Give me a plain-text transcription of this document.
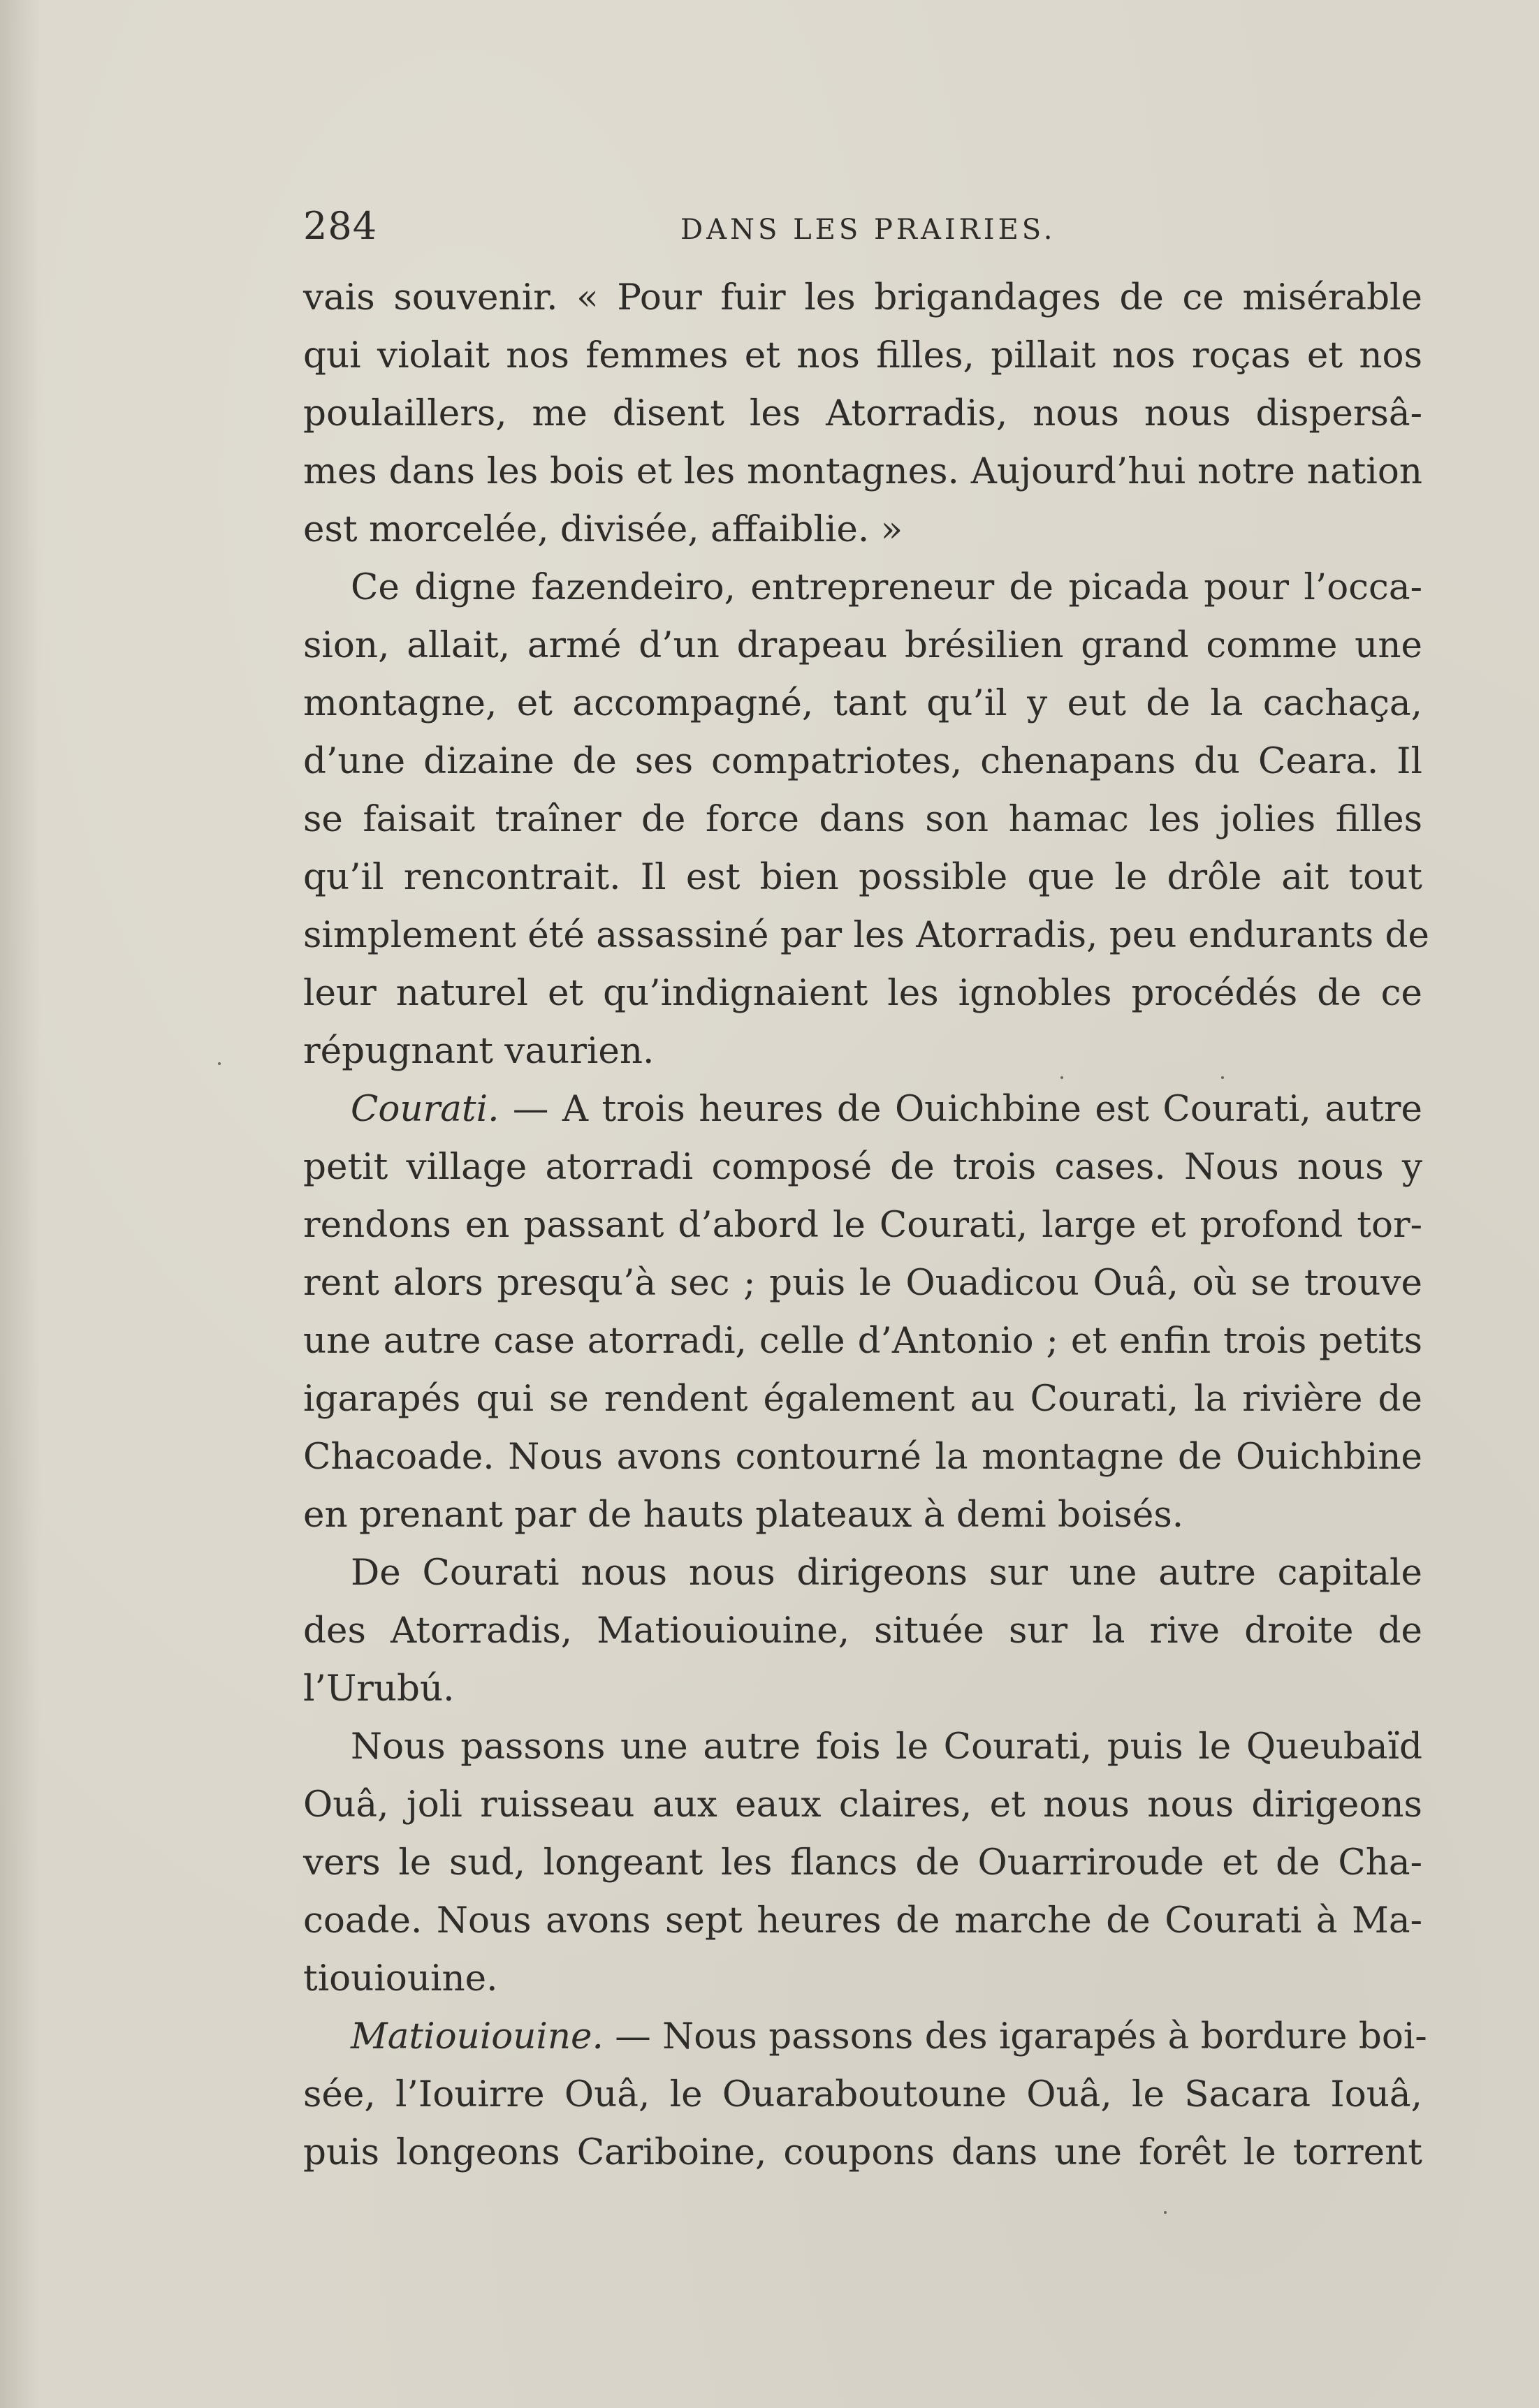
284	DANS LES PRAIRIES.
vais souvenir. « Pour fuir les brigandages de ce misérable
qui violait nos femmes et nos filles, pillait nos roças et nos
poulaillers, me disent les Atorradis, nous nous dispersâ-
mes dans les bois et les montagnes. Aujourd’hui notre nation
est morcelée, divisée, affaiblie. »
Ce digne fazendeiro, entrepreneur de picada pour l’occa-
sion, allait, armé d’un drapeau brésilien grand comme une
montagne, et accompagné, tant qu’il y eut de la cachaça,
d’une dizaine de ses compatriotes, chenapans du Ceara. Il
se faisait traîner de force dans son hamac les jolies filles
qu’il rencontrait. Il est bien possible que le drôle ait tout
simplement été assassiné par les Atorradis, peu endurants de
leur naturel et qu’indignaient les ignobles procédés de ce
répugnant vaurien.
Courati. — A trois heures de Ouichbine est Courati, autre
petit village atorradi composé de trois cases. Nous nous y
rendons en passant d’abord le Courati, large et profond tor-
rent alors presqu’à sec ; puis le Ouadicou Ouâ, où se trouve
une autre case atorradi, celle d’Antonio ; et enfin trois petits
igarapés qui se rendent également au Courati, la rivière de
Chacoade. Nous avons contourné la montagne de Ouichbine
en prenant par de hauts plateaux à demi boisés.
De Courati nous nous dirigeons sur une autre capitale
des Atorradis, Matiouiouine, située sur la rive droite de
l’Urubú.
Nous passons une autre fois le Courati, puis le Queubaïd
Ouâ, joli ruisseau aux eaux claires, et nous nous dirigeons
vers le sud, longeant les flancs de Ouarriroude et de Cha-
coade. Nous avons sept heures de marche de Courati à Ma-
tiouiouine.
Matiouiouine. — Nous passons des igarapés à bordure boi-
sée, l’Iouirre Ouâ, le Ouaraboutoune Ouâ, le Sacara Iouâ,
puis longeons Cariboine, coupons dans une forêt le torrent
